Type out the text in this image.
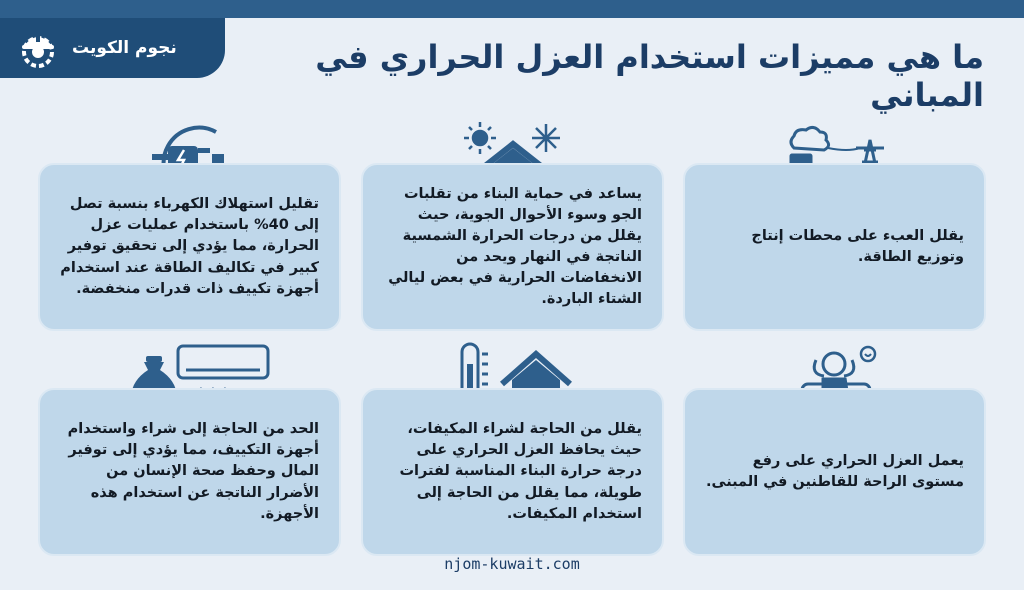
نجوم الكويت	ما هي مميزات استخدام العزل الحراري في المباني

يقلل العبء على محطات إنتاج وتوزيع الطاقة.

يساعد في حماية البناء من تقلبات الجو وسوء الأحوال الجوية، حيث يقلل من درجات الحرارة الشمسية الناتجة في النهار ويحد من الانخفاضات الحرارية في بعض ليالي الشتاء الباردة.

تقليل استهلاك الكهرباء بنسبة تصل إلى 40% باستخدام عمليات عزل الحرارة، مما يؤدي إلى تحقيق توفير كبير في تكاليف الطاقة عند استخدام أجهزة تكييف ذات قدرات منخفضة.

يعمل العزل الحراري على رفع مستوى الراحة للقاطنين في المبنى.

يقلل من الحاجة لشراء المكيفات، حيث يحافظ العزل الحراري على درجة حرارة البناء المناسبة لفترات طويلة، مما يقلل من الحاجة إلى استخدام المكيفات.

الحد من الحاجة إلى شراء واستخدام أجهزة التكييف، مما يؤدي إلى توفير المال وحفظ صحة الإنسان من الأضرار الناتجة عن استخدام هذه الأجهزة.

njom-kuwait.com
